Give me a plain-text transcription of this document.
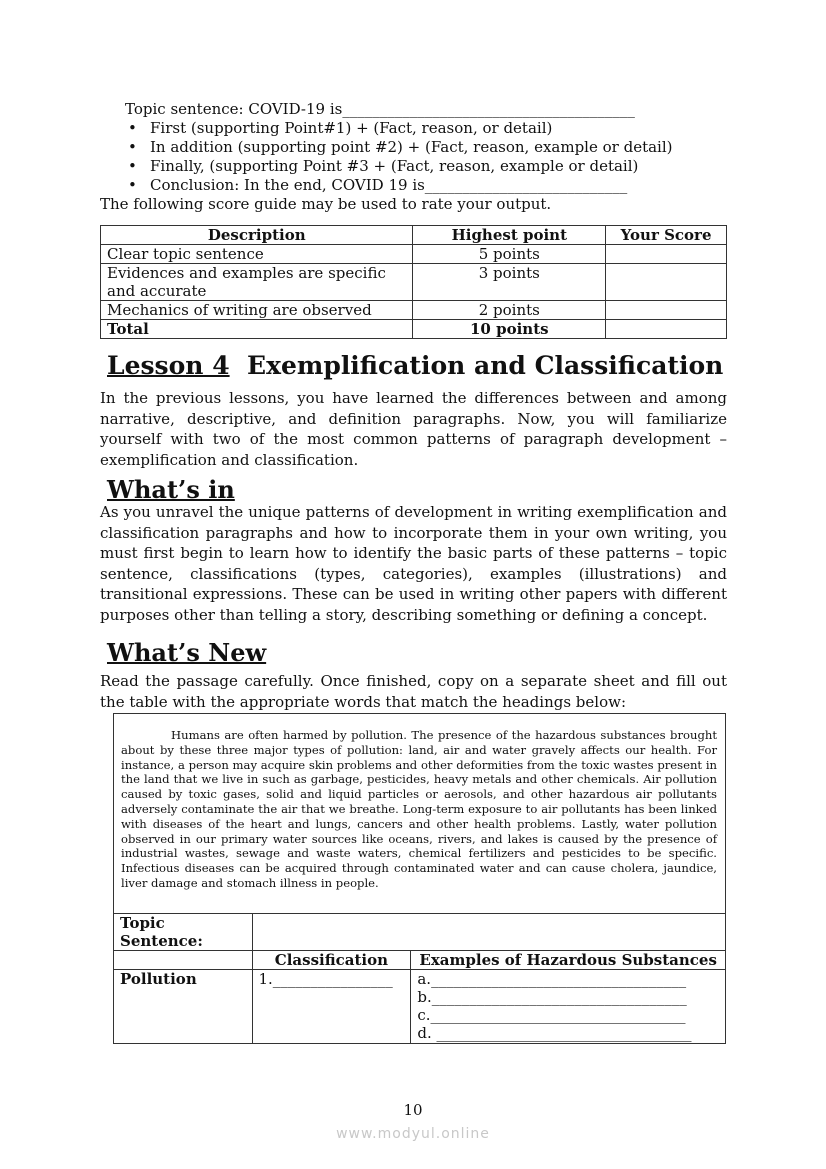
Topic sentence: COVID-19 is_______________________________________
• First (supporting Point#1) + (Fact, reason, or detail)
• In addition (supporting point #2) + (Fact, reason, example or detail)
• Finally, (supporting Point #3 + (Fact, reason, example or detail)
• Conclusion: In the end, COVID 19 is___________________________
The following score guide may be used to rate your output.
Description	Highest point	Your Score
Clear topic sentence	5 points	
Evidences and examples are specific
and accurate	3 points	
Mechanics of writing are observed	2 points	
Total	10 points	
Lesson 4 Exemplification and Classification

In the previous lessons, you have learned the differences between and among narrative, descriptive, and definition paragraphs. Now, you will familiarize yourself with two of the most common patterns of paragraph development – exemplification and classification.

What’s in

As you unravel the unique patterns of development in writing exemplification and classification paragraphs and how to incorporate them in your own writing, you must first begin to learn how to identify the basic parts of these patterns – topic sentence, classifications (types, categories), examples (illustrations) and transitional expressions. These can be used in writing other papers with different purposes other than telling a story, describing something or defining a concept.

What’s New

Read the passage carefully. Once finished, copy on a separate sheet and fill out the table with the appropriate words that match the headings below:

Humans are often harmed by pollution. The presence of the hazardous substances brought about by these three major types of pollution: land, air and water gravely affects our health. For instance, a person may acquire skin problems and other deformities from the toxic wastes present in the land that we live in such as garbage, pesticides, heavy metals and other chemicals. Air pollution caused by toxic gases, solid and liquid particles or aerosols, and other hazardous air pollutants adversely contaminate the air that we breathe. Long-term exposure to air pollutants has been linked with diseases of the heart and lungs, cancers and other health problems. Lastly, water pollution observed in our primary water sources like oceans, rivers, and lakes is caused by the presence of industrial wastes, sewage and waste waters, chemical fertilizers and pesticides to be specific. Infectious diseases can be acquired through contaminated water and can cause cholera, jaundice, liver damage and stomach illness in people.

Topic
Sentence:		
	Classification	Examples of Hazardous Substances
Pollution	1.________________	a.__________________________________
b.__________________________________
c.__________________________________
d. __________________________________
10
www.modyul.online
